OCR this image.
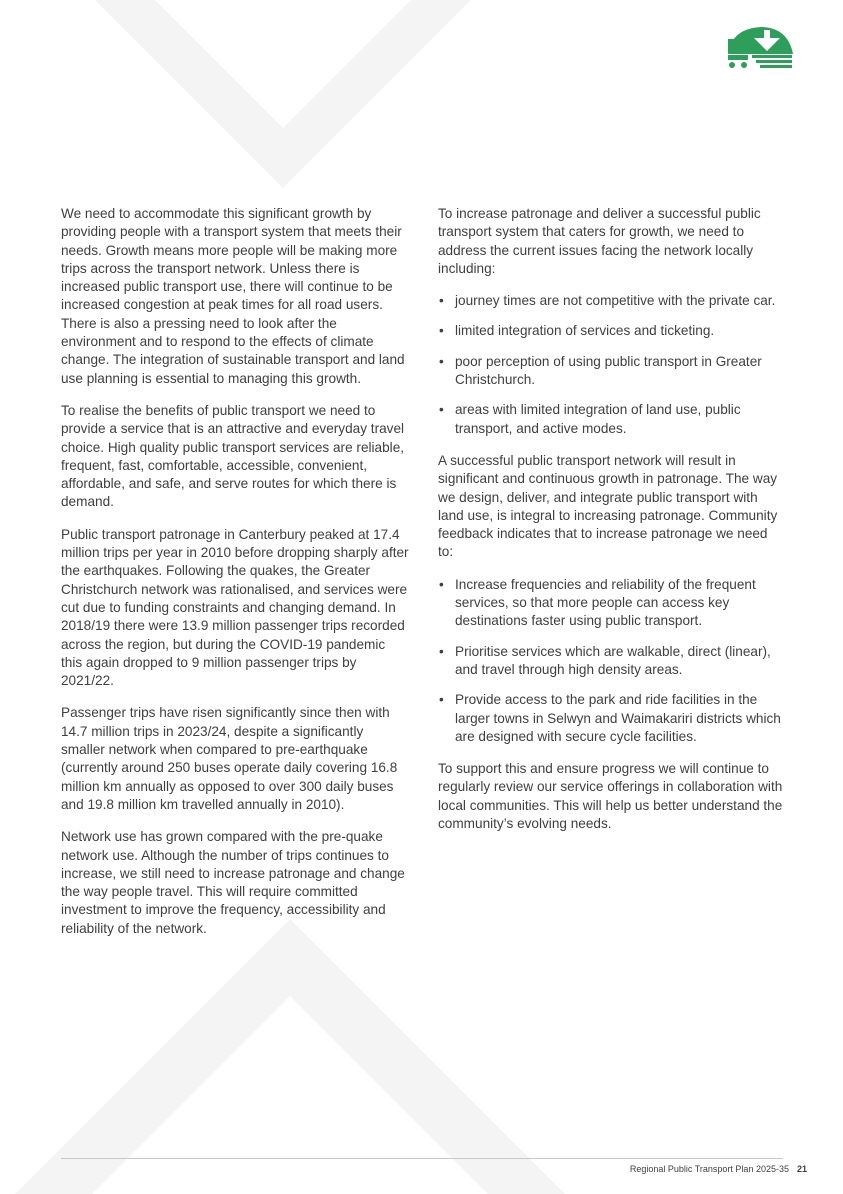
We need to accommodate this significant growth by providing people with a transport system that meets their needs. Growth means more people will be making more trips across the transport network. Unless there is increased public transport use, there will continue to be increased congestion at peak times for all road users. There is also a pressing need to look after the environment and to respond to the effects of climate change. The integration of sustainable transport and land use planning is essential to managing this growth.

To realise the benefits of public transport we need to provide a service that is an attractive and everyday travel choice. High quality public transport services are reliable, frequent, fast, comfortable, accessible, convenient, affordable, and safe, and serve routes for which there is demand.

Public transport patronage in Canterbury peaked at 17.4 million trips per year in 2010 before dropping sharply after the earthquakes. Following the quakes, the Greater Christchurch network was rationalised, and services were cut due to funding constraints and changing demand. In 2018/19 there were 13.9 million passenger trips recorded across the region, but during the COVID-19 pandemic this again dropped to 9 million passenger trips by 2021/22.

Passenger trips have risen significantly since then with 14.7 million trips in 2023/24, despite a significantly smaller network when compared to pre-earthquake (currently around 250 buses operate daily covering 16.8 million km annually as opposed to over 300 daily buses and 19.8 million km travelled annually in 2010).

Network use has grown compared with the pre-quake network use. Although the number of trips continues to increase, we still need to increase patronage and change the way people travel. This will require committed investment to improve the frequency, accessibility and reliability of the network.

To increase patronage and deliver a successful public transport system that caters for growth, we need to address the current issues facing the network locally including:

• journey times are not competitive with the private car.
• limited integration of services and ticketing.
• poor perception of using public transport in Greater Christchurch.
• areas with limited integration of land use, public transport, and active modes.

A successful public transport network will result in significant and continuous growth in patronage. The way we design, deliver, and integrate public transport with land use, is integral to increasing patronage. Community feedback indicates that to increase patronage we need to:

• Increase frequencies and reliability of the frequent services, so that more people can access key destinations faster using public transport.
• Prioritise services which are walkable, direct (linear), and travel through high density areas.
• Provide access to the park and ride facilities in the larger towns in Selwyn and Waimakariri districts which are designed with secure cycle facilities.

To support this and ensure progress we will continue to regularly review our service offerings in collaboration with local communities. This will help us better understand the community’s evolving needs.

Regional Public Transport Plan 2025-35 21
